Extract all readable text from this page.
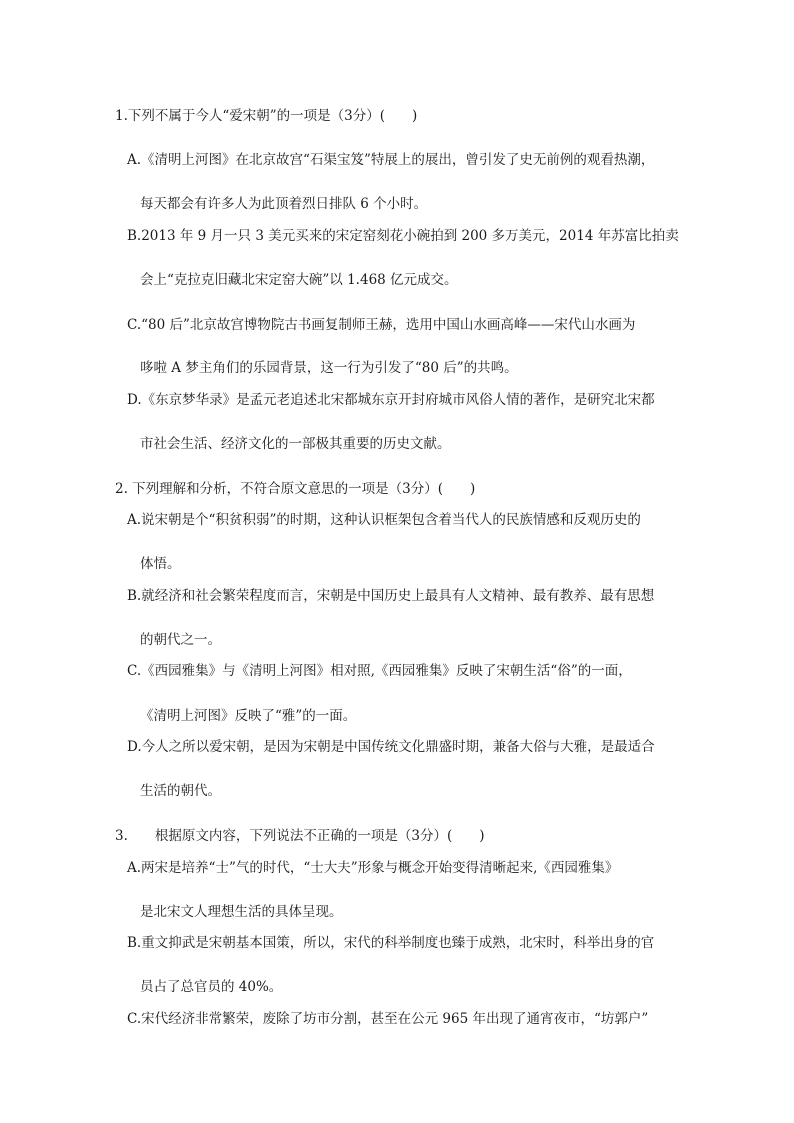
1.下列不属于今人“爱宋朝”的一项是（3分）(　　)
A.《清明上河图》在北京故宫“石渠宝笈”特展上的展出，曾引发了史无前例的观看热潮，
每天都会有许多人为此顶着烈日排队 6 个小时。
B.2013 年 9 月一只 3 美元买来的宋定窑刻花小碗拍到 200 多万美元，2014 年苏富比拍卖
会上“克拉克旧藏北宋定窑大碗”以 1.468 亿元成交。
C.“80 后”北京故宫博物院古书画复制师王赫，选用中国山水画高峰——宋代山水画为
哆啦 A 梦主角们的乐园背景，这一行为引发了“80 后”的共鸣。
D.《东京梦华录》是孟元老追述北宋都城东京开封府城市风俗人情的著作，是研究北宋都
市社会生活、经济文化的一部极其重要的历史文献。
2. 下列理解和分析，不符合原文意思的一项是（3分）(　　)
A.说宋朝是个“积贫积弱”的时期，这种认识框架包含着当代人的民族情感和反观历史的
体悟。
B.就经济和社会繁荣程度而言，宋朝是中国历史上最具有人文精神、最有教养、最有思想
的朝代之一。
C.《西园雅集》与《清明上河图》相对照,《西园雅集》反映了宋朝生活“俗”的一面，
《清明上河图》反映了“雅”的一面。
D.今人之所以爱宋朝，是因为宋朝是中国传统文化鼎盛时期，兼备大俗与大雅，是最适合
生活的朝代。
3.　　根据原文内容，下列说法不正确的一项是（3分）(　　)
A.两宋是培养“士”气的时代，“士大夫”形象与概念开始变得清晰起来,《西园雅集》
是北宋文人理想生活的具体呈现。
B.重文抑武是宋朝基本国策，所以，宋代的科举制度也臻于成熟，北宋时，科举出身的官
员占了总官员的 40%。
C.宋代经济非常繁荣，废除了坊市分割，甚至在公元 965 年出现了通宵夜市，“坊郭户”
